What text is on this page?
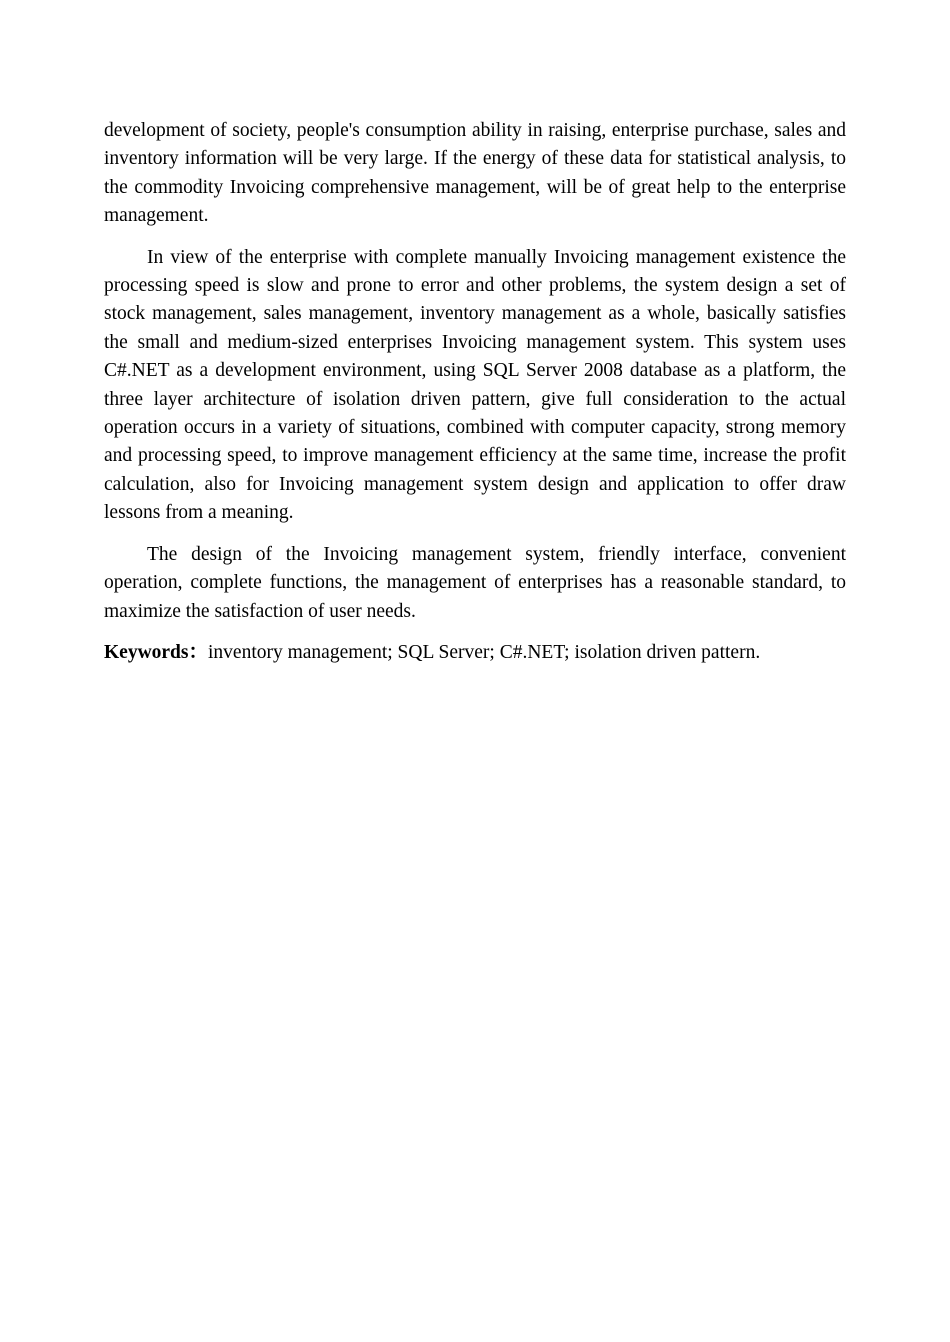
development of society, people's consumption ability in raising, enterprise purchase, sales and inventory information will be very large. If the energy of these data for statistical analysis, to the commodity Invoicing comprehensive management, will be of great help to the enterprise management.

In view of the enterprise with complete manually Invoicing management existence the processing speed is slow and prone to error and other problems, the system design a set of stock management, sales management, inventory management as a whole, basically satisfies the small and medium-sized enterprises Invoicing management system. This system uses C#.NET as a development environment, using SQL Server 2008 database as a platform, the three layer architecture of isolation driven pattern, give full consideration to the actual operation occurs in a variety of situations, combined with computer capacity, strong memory and processing speed, to improve management efficiency at the same time, increase the profit calculation, also for Invoicing management system design and application to offer draw lessons from a meaning.

The design of the Invoicing management system, friendly interface, convenient operation, complete functions, the management of enterprises has a reasonable standard, to maximize the satisfaction of user needs.

Keywords：inventory management; SQL Server; C#.NET; isolation driven pattern.
